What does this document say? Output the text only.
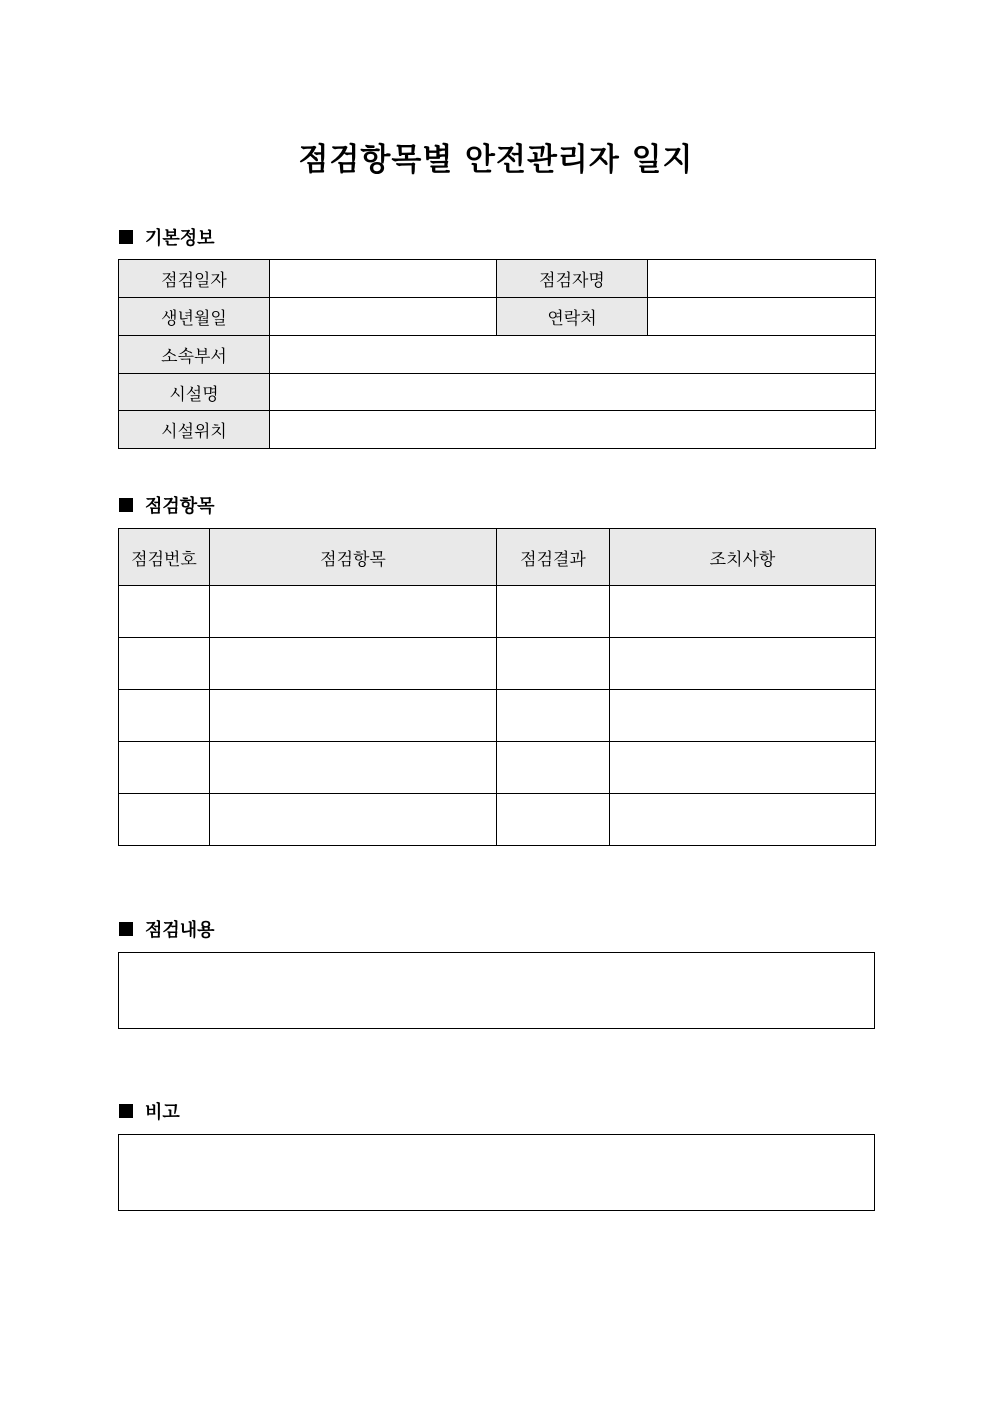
점검항목별 안전관리자 일지
기본정보
점검일자		점검자명	
생년월일		연락처	
소속부서			
시설명			
시설위치			
점검항목
점검번호	점검항목	점검결과	조치사항

점검내용
비고
